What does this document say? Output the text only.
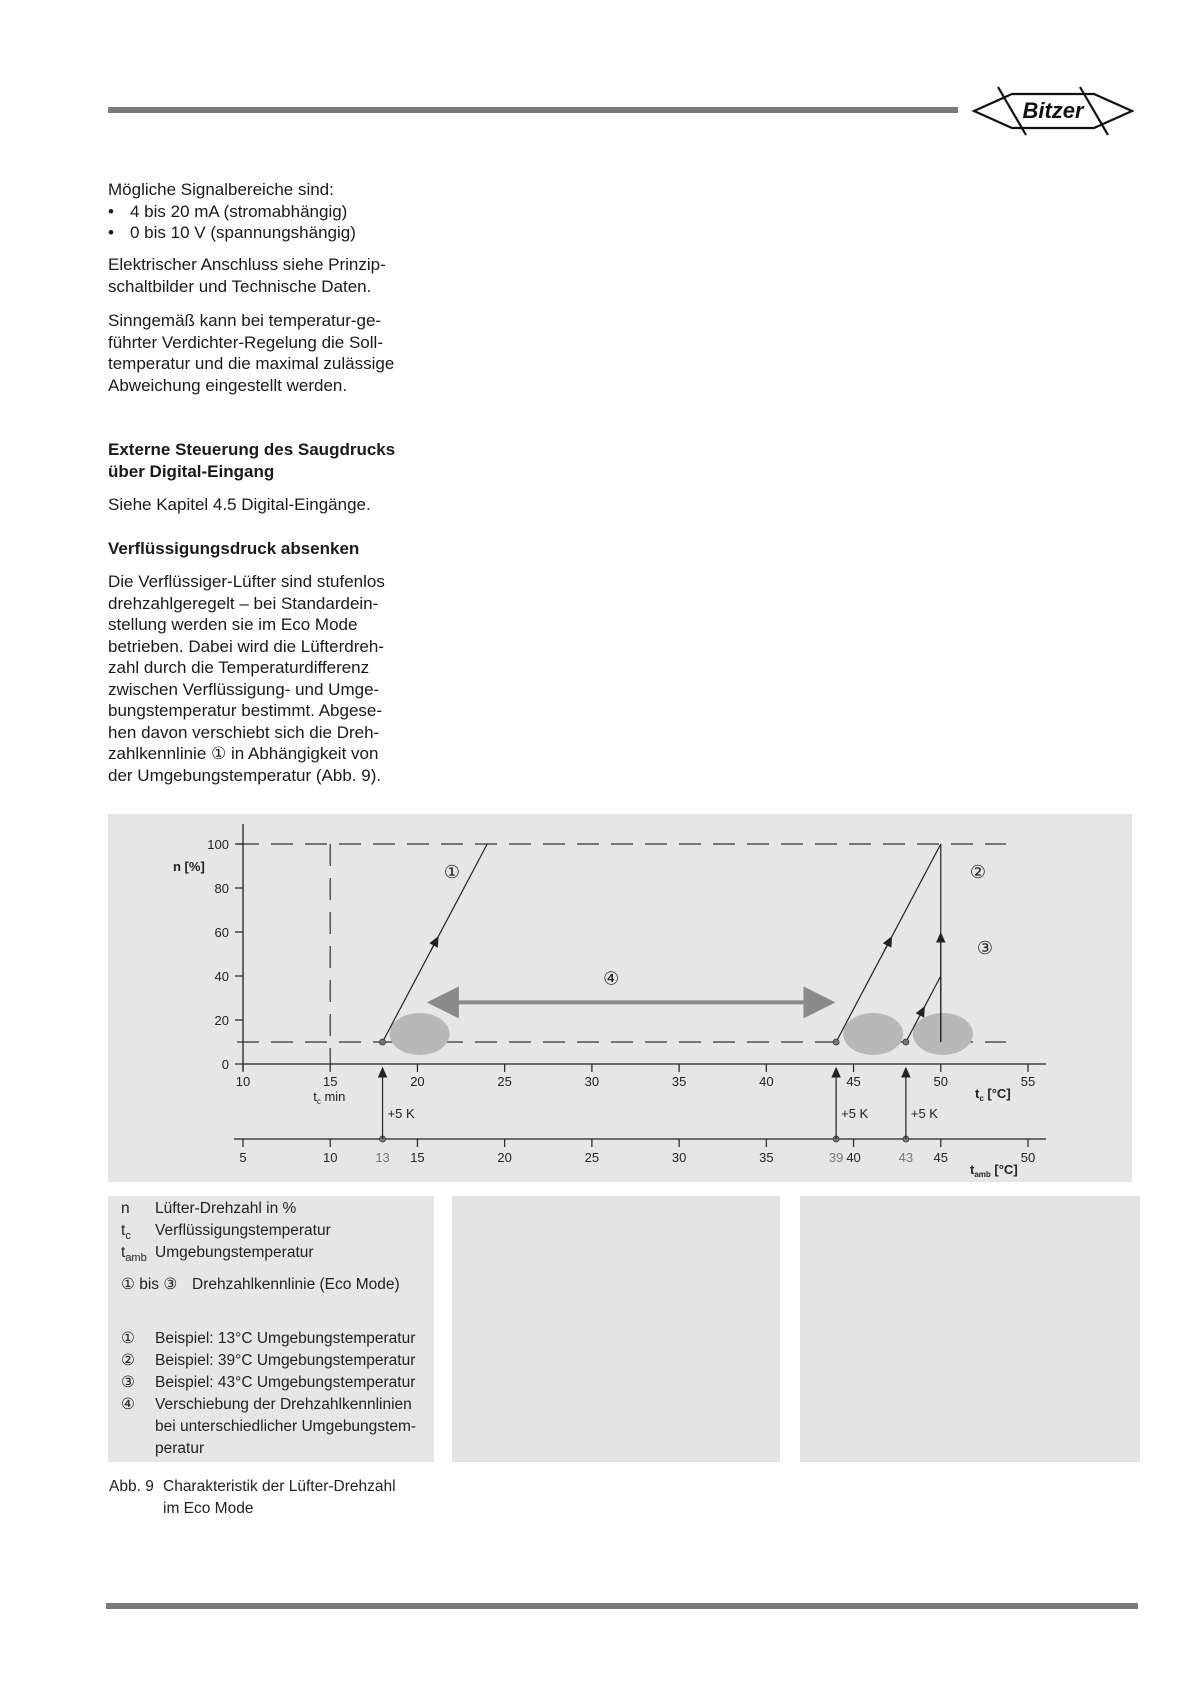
Bitzer

Mögliche Signalbereiche sind:

• 4 bis 20 mA (stromabhängig)
• 0 bis 10 V (spannungshängig)

Elektrischer Anschluss siehe Prinzip-

schaltbilder und Technische Daten.

Sinngemäß kann bei temperatur-ge-

führter Verdichter-Regelung die Soll-

temperatur und die maximal zulässige

Abweichung eingestellt werden.

Externe Steuerung des Saugdrucks
über Digital-Eingang

Siehe Kapitel 4.5 Digital-Eingänge.

Verflüssigungsdruck absenken

Die Verflüssiger-Lüfter sind stufenlos

drehzahlgeregelt – bei Standardein-

stellung werden sie im Eco Mode

betrieben. Dabei wird die Lüfterdreh-

zahl durch die Temperaturdifferenz

zwischen Verflüssigung- und Umge-

bungstemperatur bestimmt. Abgese-

hen davon verschiebt sich die Dreh-

zahlkennlinie ① in Abhängigkeit von

der Umgebungstemperatur (Abb. 9).

0
20
40
60
80
100
n [%]
10	15	20	25	30	35	40	45	50	55
$t_c$ min	$t_c$ [°C]
5	10	15	20	25	30	35	40	45	50
$t_{amb}$ [°C]
13
+5 K
①
39
+5 K
②
43
+5 K
③
④
n Lüfter-Drehzahl in %
$t_c$ Verflüssigungstemperatur
$t_{amb}$ Umgebungstemperatur
① bis ③ Drehzahlkennlinie (Eco Mode)
① Beispiel: 13°C Umgebungstemperatur
② Beispiel: 39°C Umgebungstemperatur
③ Beispiel: 43°C Umgebungstemperatur
④ Verschiebung der Drehzahlkennlinien
bei unterschiedlicher Umgebungstem-
peratur
Abb. 9 Charakteristik der Lüfter-Drehzahl
im Eco Mode
